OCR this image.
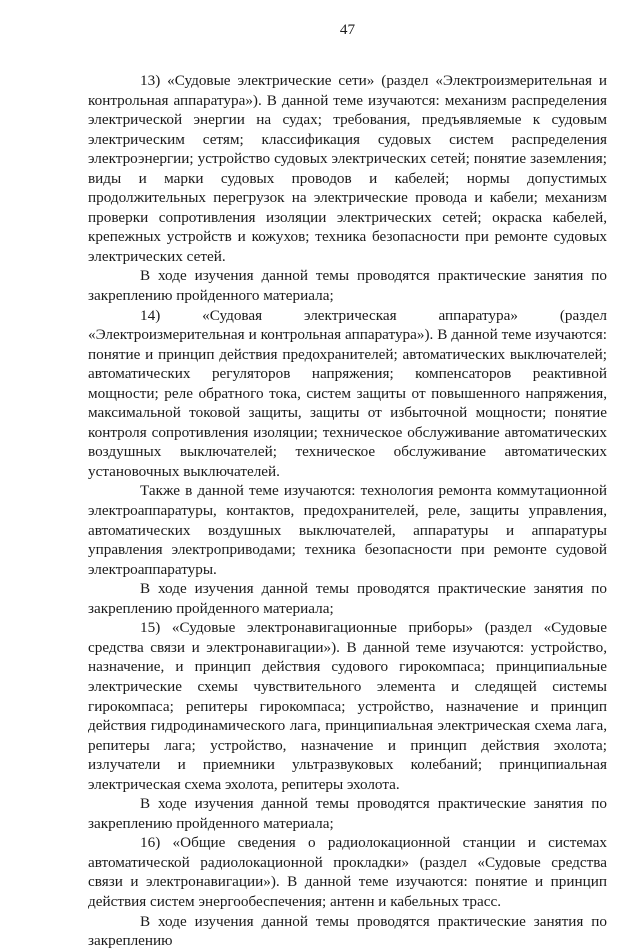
47

13) «Судовые электрические сети» (раздел «Электроизмерительная и контрольная аппаратура»). В данной теме изучаются: механизм распределения электрической энергии на судах; требования, предъявляемые к судовым электрическим сетям; классификация судовых систем распределения электроэнергии; устройство судовых электрических сетей; понятие заземления; виды и марки судовых проводов и кабелей; нормы допустимых продолжительных перегрузок на электрические провода и кабели; механизм проверки сопротивления изоляции электрических сетей; окраска кабелей, крепежных устройств и кожухов; техника безопасности при ремонте судовых электрических сетей.

В ходе изучения данной темы проводятся практические занятия по закреплению пройденного материала;

14) «Судовая электрическая аппаратура» (раздел «Электроизмерительная и контрольная аппаратура»). В данной теме изучаются: понятие и принцип действия предохранителей; автоматических выключателей; автоматических регуляторов напряжения; компенсаторов реактивной мощности; реле обратного тока, систем защиты от повышенного напряжения, максимальной токовой защиты, защиты от избыточной мощности; понятие контроля сопротивления изоляции; техническое обслуживание автоматических воздушных выключателей; техническое обслуживание автоматических установочных выключателей.

Также в данной теме изучаются: технология ремонта коммутационной электроаппаратуры, контактов, предохранителей, реле, защиты управления, автоматических воздушных выключателей, аппаратуры и аппаратуры управления электроприводами; техника безопасности при ремонте судовой электроаппаратуры.

В ходе изучения данной темы проводятся практические занятия по закреплению пройденного материала;

15) «Судовые электронавигационные приборы» (раздел «Судовые средства связи и электронавигации»). В данной теме изучаются: устройство, назначение, и принцип действия судового гирокомпаса; принципиальные электрические схемы чувствительного элемента и следящей системы гирокомпаса; репитеры гирокомпаса; устройство, назначение и принцип действия гидродинамического лага, принципиальная электрическая схема лага, репитеры лага; устройство, назначение и принцип действия эхолота; излучатели и приемники ультразвуковых колебаний; принципиальная электрическая схема эхолота, репитеры эхолота.

В ходе изучения данной темы проводятся практические занятия по закреплению пройденного материала;

16) «Общие сведения о радиолокационной станции и системах автоматической радиолокационной прокладки» (раздел «Судовые средства связи и электронавигации»). В данной теме изучаются: понятие и принцип действия систем энергообеспечения; антенн и кабельных трасс.

В ходе изучения данной темы проводятся практические занятия по закреплению
